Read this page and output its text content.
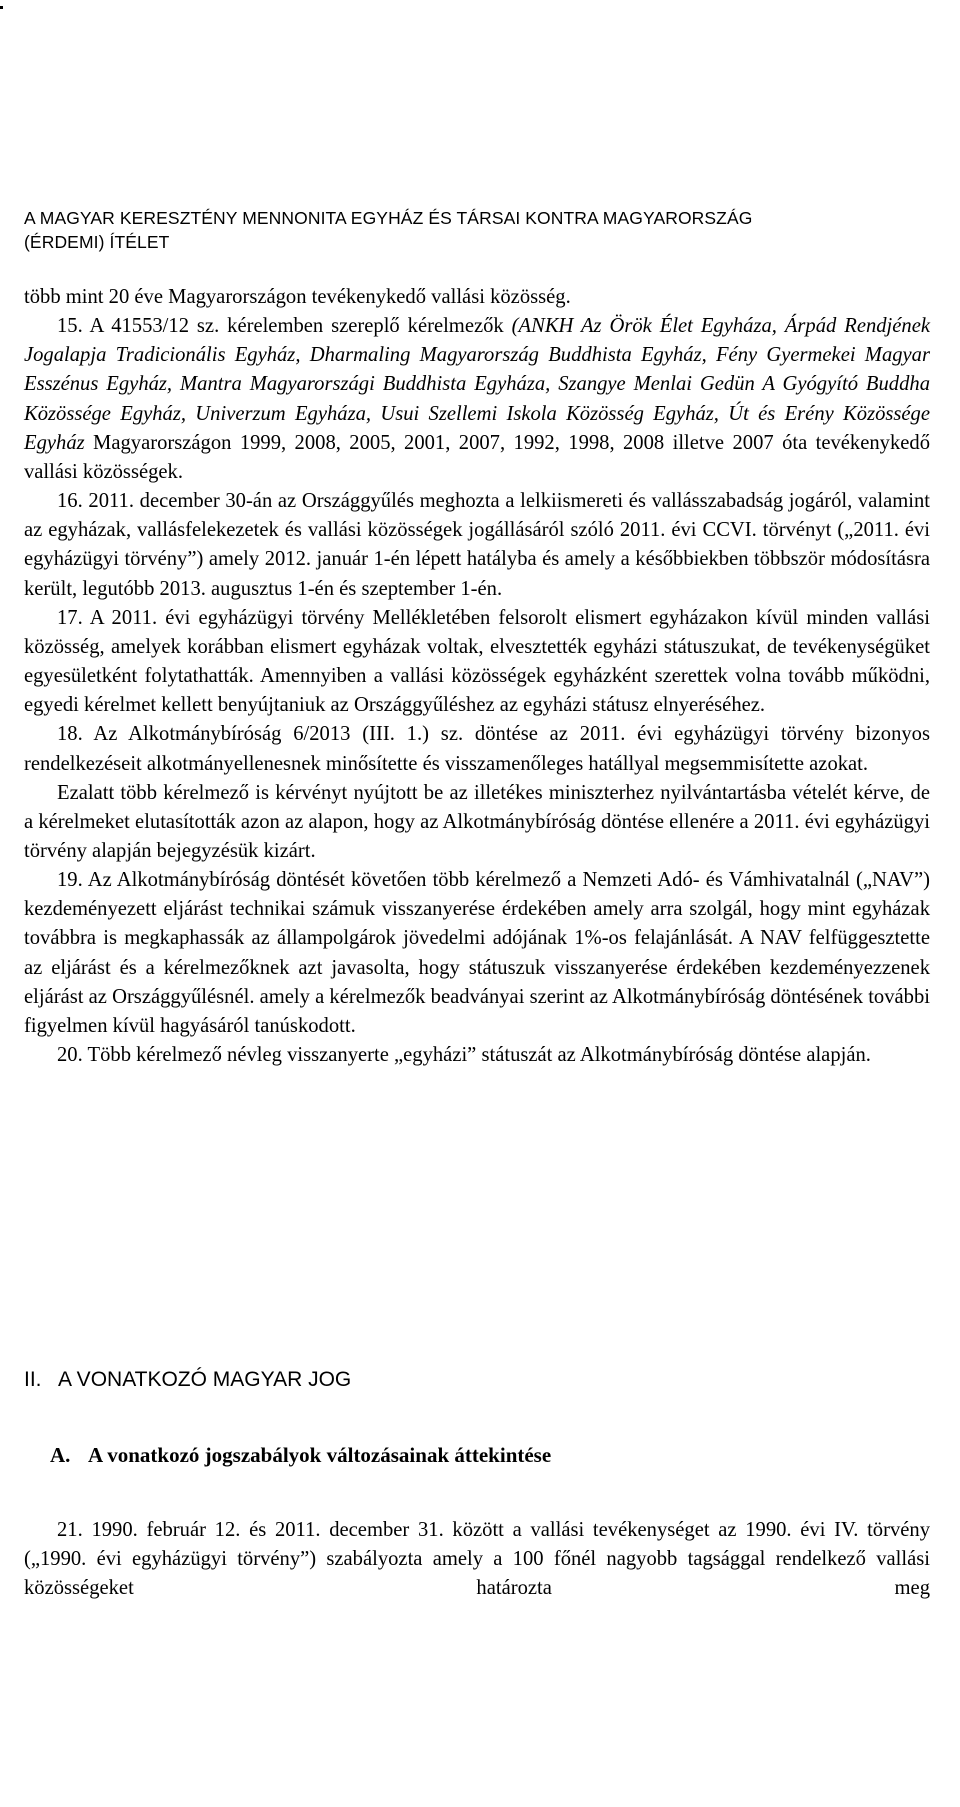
A MAGYAR KERESZTÉNY MENNONITA EGYHÁZ ÉS TÁRSAI KONTRA MAGYARORSZÁG
(ÉRDEMI) ÍTÉLET

több mint 20 éve Magyarországon tevékenykedő vallási közösség.

15. A 41553/12 sz. kérelemben szereplő kérelmezők (ANKH Az Örök Élet Egyháza, Árpád Rendjének Jogalapja Tradicionális Egyház, Dharmaling Magyarország Buddhista Egyház, Fény Gyermekei Magyar Esszénus Egyház, Mantra Magyarországi Buddhista Egyháza, Szangye Menlai Gedün A Gyógyító Buddha Közössége Egyház, Univerzum Egyháza, Usui Szellemi Iskola Közösség Egyház, Út és Erény Közössége Egyház Magyarországon 1999, 2008, 2005, 2001, 2007, 1992, 1998, 2008 illetve 2007 óta tevékenykedő vallási közösségek.

16. 2011. december 30-án az Országgyűlés meghozta a lelkiismereti és vallásszabadság jogáról, valamint az egyházak, vallásfelekezetek és vallási közösségek jogállásáról szóló 2011. évi CCVI. törvényt („2011. évi egyházügyi törvény”) amely 2012. január 1-én lépett hatályba és amely a későbbiekben többször módosításra került, legutóbb 2013. augusztus 1-én és szeptember 1-én.

17. A 2011. évi egyházügyi törvény Mellékletében felsorolt elismert egyházakon kívül minden vallási közösség, amelyek korábban elismert egyházak voltak, elvesztették egyházi státuszukat, de tevékenységüket egyesületként folytathatták. Amennyiben a vallási közösségek egyházként szerettek volna tovább működni, egyedi kérelmet kellett benyújtaniuk az Országgyűléshez az egyházi státusz elnyeréséhez.

18. Az Alkotmánybíróság 6/2013 (III. 1.) sz. döntése az 2011. évi egyházügyi törvény bizonyos rendelkezéseit alkotmányellenesnek minősítette és visszamenőleges hatállyal megsemmisítette azokat.

Ezalatt több kérelmező is kérvényt nyújtott be az illetékes miniszterhez nyilvántartásba vételét kérve, de a kérelmeket elutasították azon az alapon, hogy az Alkotmánybíróság döntése ellenére a 2011. évi egyházügyi törvény alapján bejegyzésük kizárt.

19. Az Alkotmánybíróság döntését követően több kérelmező a Nemzeti Adó- és Vámhivatalnál („NAV”) kezdeményezett eljárást technikai számuk visszanyerése érdekében amely arra szolgál, hogy mint egyházak továbbra is megkaphassák az állampolgárok jövedelmi adójának 1%-os felajánlását. A NAV felfüggesztette az eljárást és a kérelmezőknek azt javasolta, hogy státuszuk visszanyerése érdekében kezdeményezzenek eljárást az Országgyűlésnél. amely a kérelmezők beadványai szerint az Alkotmánybíróság döntésének további figyelmen kívül hagyásáról tanúskodott.

20. Több kérelmező névleg visszanyerte „egyházi” státuszát az Alkotmánybíróság döntése alapján.

II. A VONATKOZÓ MAGYAR JOG
A. A vonatkozó jogszabályok változásainak áttekintése

21. 1990. február 12. és 2011. december 31. között a vallási tevékenységet az 1990. évi IV. törvény („1990. évi egyházügyi törvény”) szabályozta amely a 100 főnél nagyobb tagsággal rendelkező vallási közösségeket határozta meg
